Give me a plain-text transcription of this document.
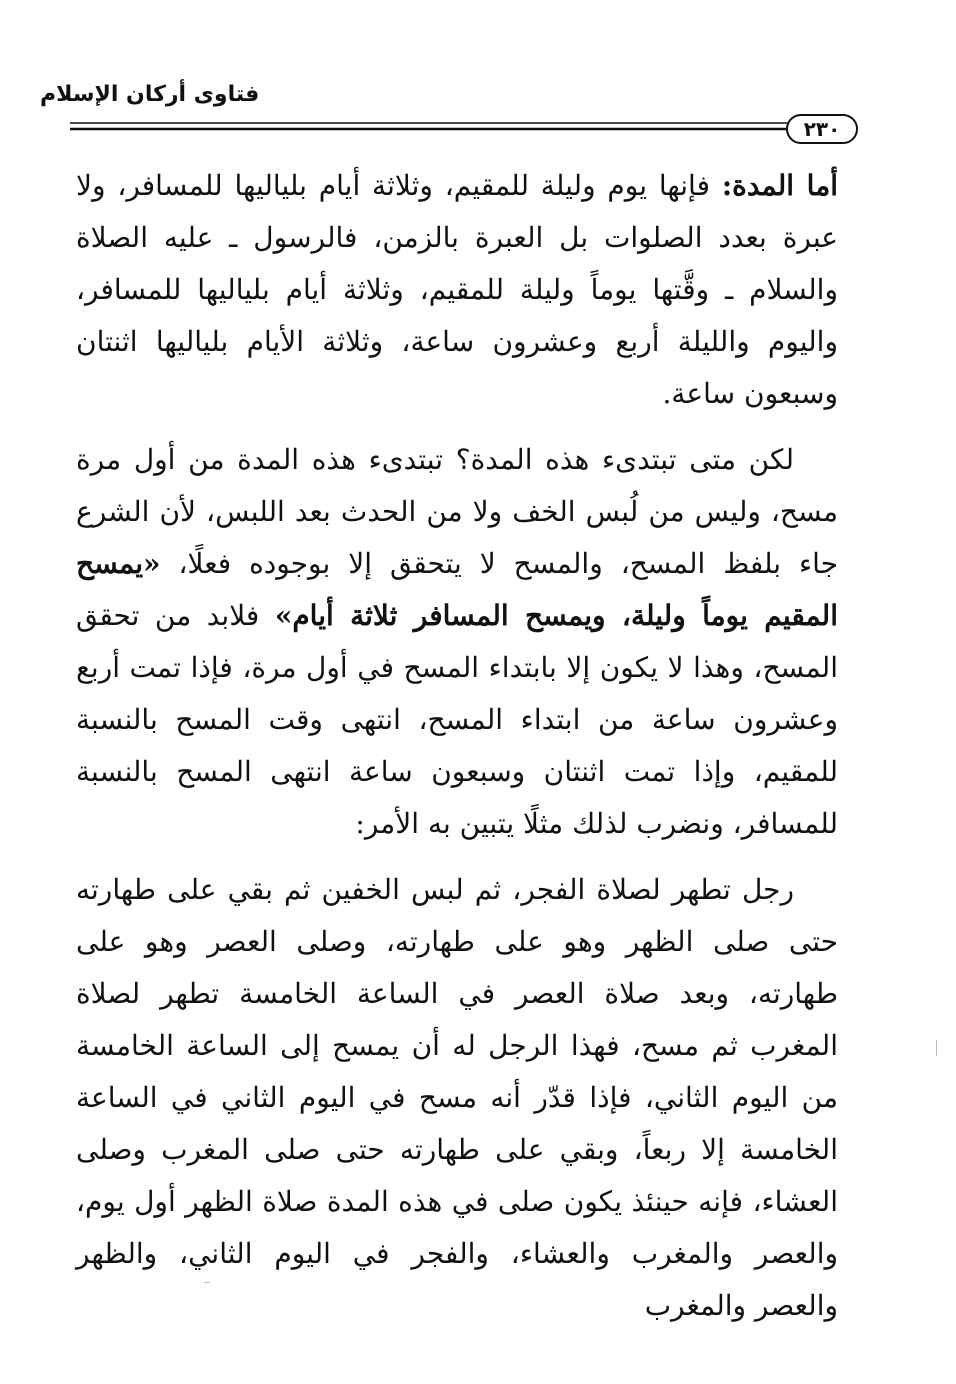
فتاوى أركان الإسلام
٢٣٠

أما المدة: فإنها يوم وليلة للمقيم، وثلاثة أيام بلياليها للمسافر، ولا عبرة بعدد الصلوات بل العبرة بالزمن، فالرسول ـ عليه الصلاة والسلام ـ وقَّتها يوماً وليلة للمقيم، وثلاثة أيام بلياليها للمسافر، واليوم والليلة أربع وعشرون ساعة، وثلاثة الأيام بلياليها اثنتان وسبعون ساعة.

لكن متى تبتدىء هذه المدة؟ تبتدىء هذه المدة من أول مرة مسح، وليس من لُبس الخف ولا من الحدث بعد اللبس، لأن الشرع جاء بلفظ المسح، والمسح لا يتحقق إلا بوجوده فعلًا، «يمسح المقيم يوماً وليلة، ويمسح المسافر ثلاثة أيام» فلابد من تحقق المسح، وهذا لا يكون إلا بابتداء المسح في أول مرة، فإذا تمت أربع وعشرون ساعة من ابتداء المسح، انتهى وقت المسح بالنسبة للمقيم، وإذا تمت اثنتان وسبعون ساعة انتهى المسح بالنسبة للمسافر، ونضرب لذلك مثلًا يتبين به الأمر:

رجل تطهر لصلاة الفجر، ثم لبس الخفين ثم بقي على طهارته حتى صلى الظهر وهو على طهارته، وصلى العصر وهو على طهارته، وبعد صلاة العصر في الساعة الخامسة تطهر لصلاة المغرب ثم مسح، فهذا الرجل له أن يمسح إلى الساعة الخامسة من اليوم الثاني، فإذا قدّر أنه مسح في اليوم الثاني في الساعة الخامسة إلا ربعاً، وبقي على طهارته حتى صلى المغرب وصلى العشاء، فإنه حينئذ يكون صلى في هذه المدة صلاة الظهر أول يوم، والعصر والمغرب والعشاء، والفجر في اليوم الثاني، والظهر والعصر والمغرب
